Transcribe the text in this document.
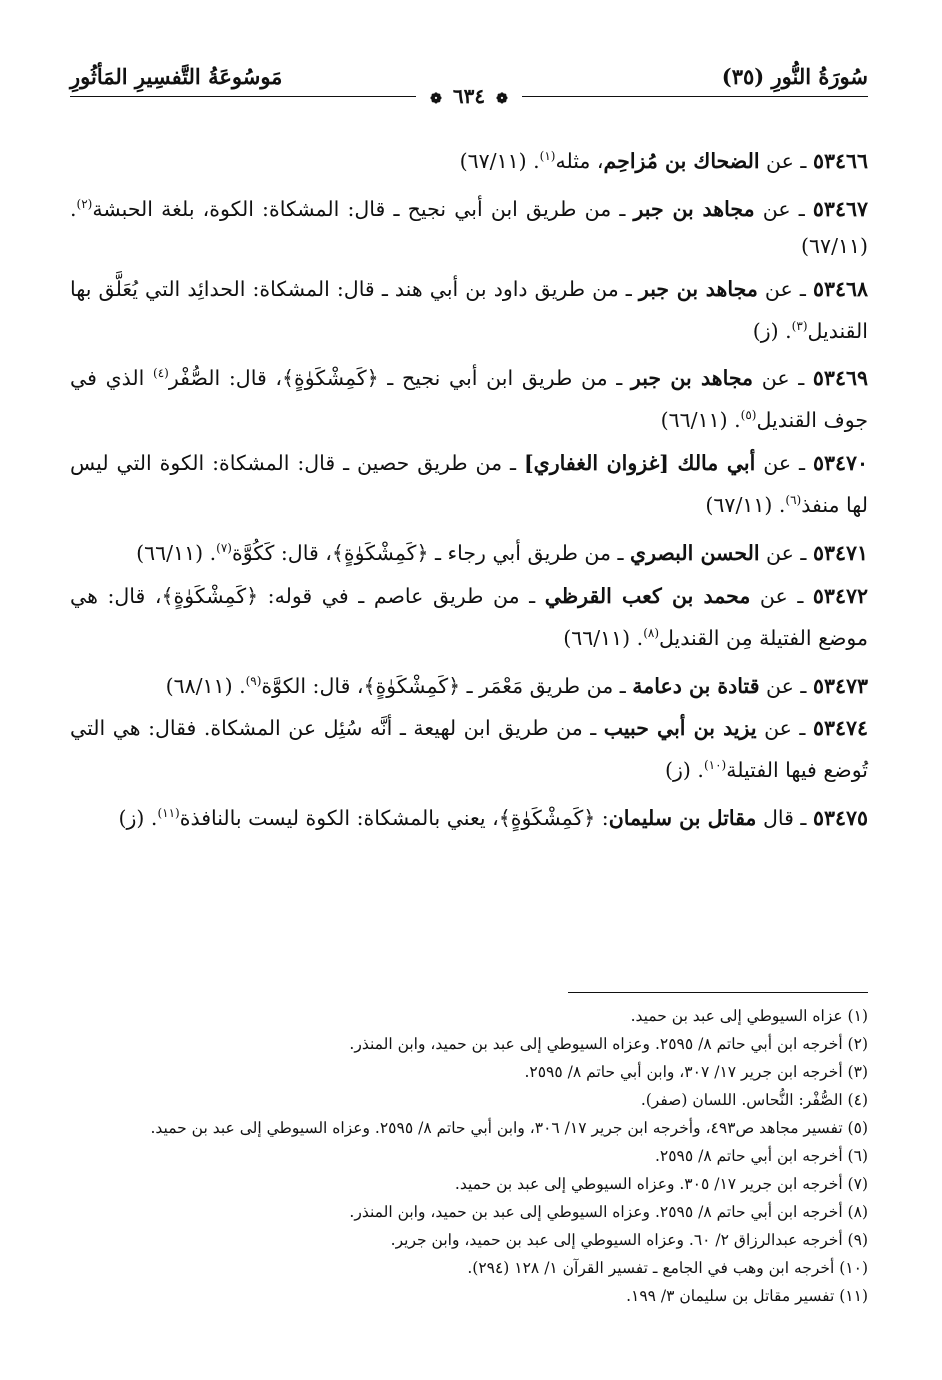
سُورَةُ النُّورِ (٣٥)
مَوسُوعَةُ التَّفسِيرِ المَأثُورِ
❁ ٦٣٤ ❁
٥٣٤٦٦ ـ عن الضحاك بن مُزاحِم، مثله$^{(١)}$. (٦٧/١١)
٥٣٤٦٧ ـ عن مجاهد بن جبر ـ من طريق ابن أبي نجيح ـ قال: المشكاة: الكوة، بلغة الحبشة$^{(٢)}$. (٦٧/١١)
٥٣٤٦٨ ـ عن مجاهد بن جبر ـ من طريق داود بن أبي هند ـ قال: المشكاة: الحدائِد التي يُعَلَّق بها القنديل$^{(٣)}$. (ز)
٥٣٤٦٩ ـ عن مجاهد بن جبر ـ من طريق ابن أبي نجيح ـ ﴿كَمِشْكَوٰةٍ﴾، قال: الصُّفْر$^{(٤)}$ الذي في جوف القنديل$^{(٥)}$. (٦٦/١١)
٥٣٤٧٠ ـ عن أبي مالك [غزوان الغفاري] ـ من طريق حصين ـ قال: المشكاة: الكوة التي ليس لها منفذ$^{(٦)}$. (٦٧/١١)
٥٣٤٧١ ـ عن الحسن البصري ـ من طريق أبي رجاء ـ ﴿كَمِشْكَوٰةٍ﴾، قال: كَكُوَّة$^{(٧)}$. (٦٦/١١)
٥٣٤٧٢ ـ عن محمد بن كعب القرظي ـ من طريق عاصم ـ في قوله: ﴿كَمِشْكَوٰةٍ﴾، قال: هي موضع الفتيلة مِن القنديل$^{(٨)}$. (٦٦/١١)
٥٣٤٧٣ ـ عن قتادة بن دعامة ـ من طريق مَعْمَر ـ ﴿كَمِشْكَوٰةٍ﴾، قال: الكوَّة$^{(٩)}$. (٦٨/١١)
٥٣٤٧٤ ـ عن يزيد بن أبي حبيب ـ من طريق ابن لهيعة ـ أنَّه سُئِل عن المشكاة. فقال: هي التي تُوضع فيها الفتيلة$^{(١٠)}$. (ز)
٥٣٤٧٥ ـ قال مقاتل بن سليمان: ﴿كَمِشْكَوٰةٍ﴾، يعني بالمشكاة: الكوة ليست بالنافذة$^{(١١)}$. (ز)
(١) عزاه السيوطي إلى عبد بن حميد.
(٢) أخرجه ابن أبي حاتم ٨/ ٢٥٩٥. وعزاه السيوطي إلى عبد بن حميد، وابن المنذر.
(٣) أخرجه ابن جرير ١٧/ ٣٠٧، وابن أبي حاتم ٨/ ٢٥٩٥.
(٤) الصُّفْر: النُّحاس. اللسان (صفر).
(٥) تفسير مجاهد ص٤٩٣، وأخرجه ابن جرير ١٧/ ٣٠٦، وابن أبي حاتم ٨/ ٢٥٩٥. وعزاه السيوطي إلى عبد بن حميد.
(٦) أخرجه ابن أبي حاتم ٨/ ٢٥٩٥.
(٧) أخرجه ابن جرير ١٧/ ٣٠٥. وعزاه السيوطي إلى عبد بن حميد.
(٨) أخرجه ابن أبي حاتم ٨/ ٢٥٩٥. وعزاه السيوطي إلى عبد بن حميد، وابن المنذر.
(٩) أخرجه عبدالرزاق ٢/ ٦٠. وعزاه السيوطي إلى عبد بن حميد، وابن جرير.
(١٠) أخرجه ابن وهب في الجامع ـ تفسير القرآن ١/ ١٢٨ (٢٩٤).
(١١) تفسير مقاتل بن سليمان ٣/ ١٩٩.
